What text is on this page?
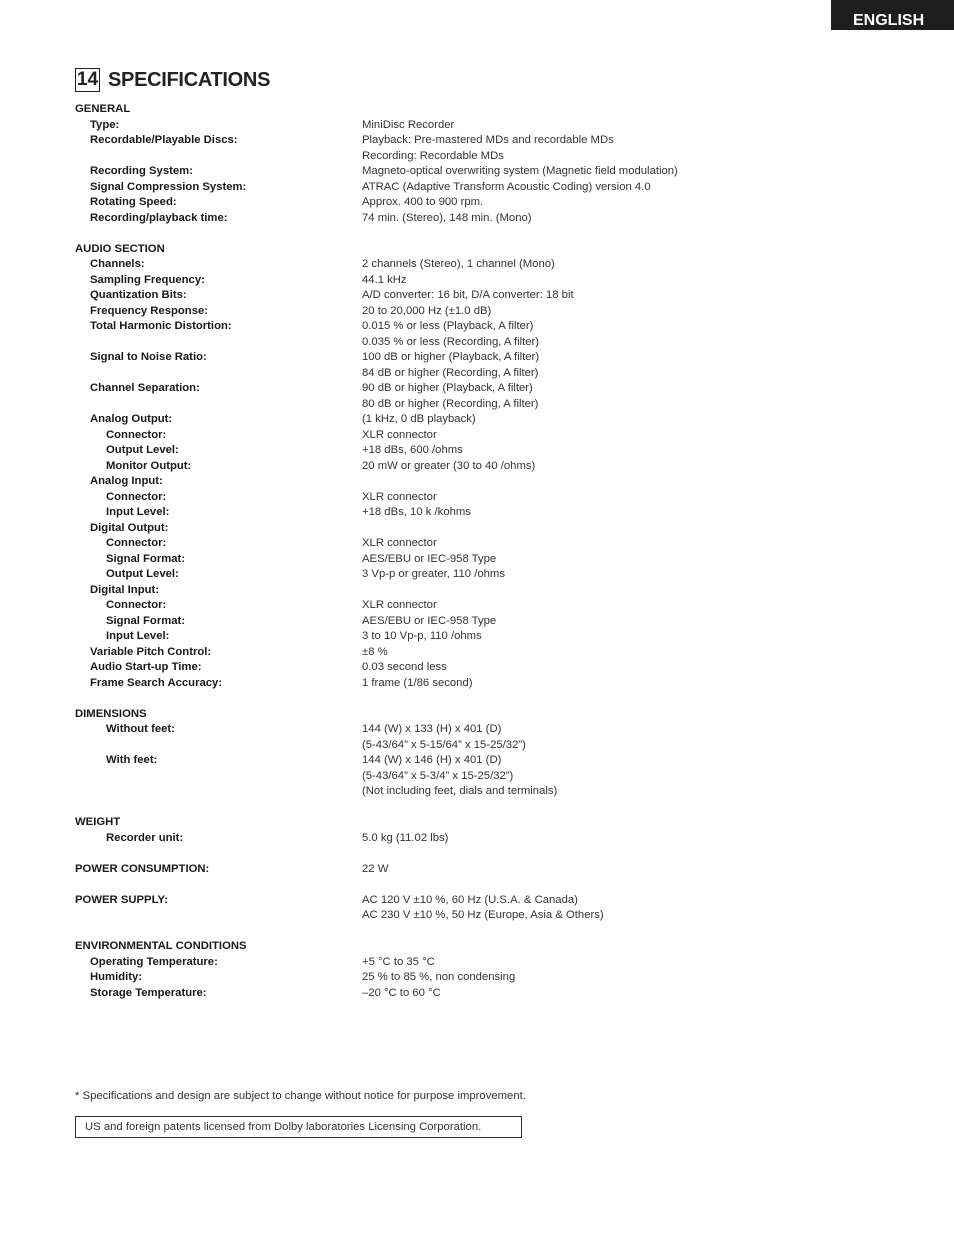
ENGLISH
14 SPECIFICATIONS
GENERAL
Type:	MiniDisc Recorder
Recordable/Playable Discs:	Playback: Pre-mastered MDs and recordable MDs
Recording: Recordable MDs
Recording System:	Magneto-optical overwriting system (Magnetic field modulation)
Signal Compression System:	ATRAC (Adaptive Transform Acoustic Coding) version 4.0
Rotating Speed:	Approx. 400 to 900 rpm.
Recording/playback time:	74 min. (Stereo), 148 min. (Mono)
AUDIO SECTION
Channels:	2 channels (Stereo), 1 channel (Mono)
Sampling Frequency:	44.1 kHz
Quantization Bits:	A/D converter: 16 bit, D/A converter: 18 bit
Frequency Response:	20 to 20,000 Hz (±1.0 dB)
Total Harmonic Distortion:	0.015 % or less (Playback, A filter)
0.035 % or less (Recording, A filter)
Signal to Noise Ratio:	100 dB or higher (Playback, A filter)
84 dB or higher (Recording, A filter)
Channel Separation:	90 dB or higher (Playback, A filter)
80 dB or higher (Recording, A filter)
Analog Output:	(1 kHz, 0 dB playback)
Connector:	XLR connector
Output Level:	+18 dBs, 600 /ohms
Monitor Output:	20 mW or greater (30 to 40 /ohms)
Analog Input:
Connector:	XLR connector
Input Level:	+18 dBs, 10 k /kohms
Digital Output:
Connector:	XLR connector
Signal Format:	AES/EBU or IEC-958 Type
Output Level:	3 Vp-p or greater, 110 /ohms
Digital Input:
Connector:	XLR connector
Signal Format:	AES/EBU or IEC-958 Type
Input Level:	3 to 10 Vp-p, 110 /ohms
Variable Pitch Control:	±8 %
Audio Start-up Time:	0.03 second less
Frame Search Accuracy:	1 frame (1/86 second)
DIMENSIONS
Without feet:	144 (W) x 133 (H) x 401 (D)
(5-43/64” x 5-15/64” x 15-25/32”)
With feet:	144 (W) x 146 (H) x 401 (D)
(5-43/64” x 5-3/4” x 15-25/32”)
(Not including feet, dials and terminals)
WEIGHT
Recorder unit:	5.0 kg (11.02 lbs)
POWER CONSUMPTION:	22 W
POWER SUPPLY:	AC 120 V ±10 %, 60 Hz (U.S.A. & Canada)
AC 230 V ±10 %, 50 Hz (Europe, Asia & Others)
ENVIRONMENTAL CONDITIONS
Operating Temperature:	+5 °C to 35 °C
Humidity:	25 % to 85 %, non condensing
Storage Temperature:	–20 °C to 60 °C
* Specifications and design are subject to change without notice for purpose improvement.
US and foreign patents licensed from Dolby laboratories Licensing Corporation.
